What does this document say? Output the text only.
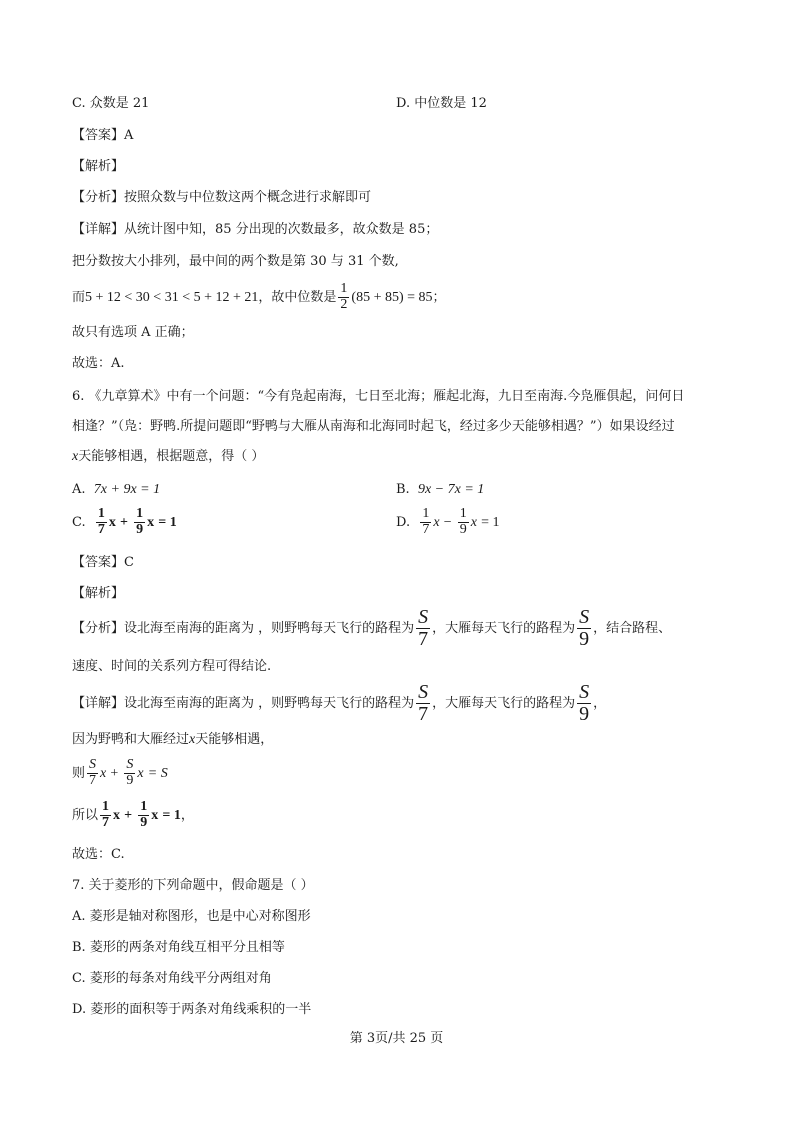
C. 众数是 21	D. 中位数是 12
【答案】A
【解析】
【分析】按照众数与中位数这两个概念进行求解即可
【详解】从统计图中知，85 分出现的次数最多，故众数是 85；
把分数按大小排列，最中间的两个数是第 30 与 31 个数,
而5 + 12 < 30 < 31 < 5 + 12 + 21，故中位数是 $\frac{1}{2} (85 + 85) = 85$；
故只有选项 A 正确；
故选：A.
6. 《九章算术》中有一个问题：“今有凫起南海，七日至北海；雁起北海，九日至南海.今凫雁俱起，问何日
相逢？”（凫：野鸭.所提问题即“野鸭与大雁从南海和北海同时起飞，经过多少天能够相遇？”）如果设经过
x天能够相遇，根据题意，得（ ）
A. 7x + 9x = 1	B. 9x − 7x = 1
C. $\frac{1}{7}$ $x + \frac{1}{9}$ x = 1	D. $\frac{1}{7}$ $x - \frac{1}{9}$ x = 1
【答案】C
【解析】
【分析】设北海至南海的距离为 ，则野鸭每天飞行的路程为 $\frac{S}{7}$ ，大雁每天飞行的路程为 $\frac{S}{9}$ ，结合路程、
速度、时间的关系列方程可得结论.
【详解】设北海至南海的距离为 ，则野鸭每天飞行的路程为 $\frac{S}{7}$ ，大雁每天飞行的路程为 $\frac{S}{9}$ ，
因为野鸭和大雁经过x天能够相遇，
则 $\frac{S}{7}$ $x + \frac{S}{9}$ x = S
所以 $\frac{1}{7}$ $x + \frac{1}{9}$ x = 1，
故选：C.
7. 关于菱形的下列命题中，假命题是（ ）
A. 菱形是轴对称图形，也是中心对称图形
B. 菱形的两条对角线互相平分且相等
C. 菱形的每条对角线平分两组对角
D. 菱形的面积等于两条对角线乘积的一半
第 3页/共 25 页
